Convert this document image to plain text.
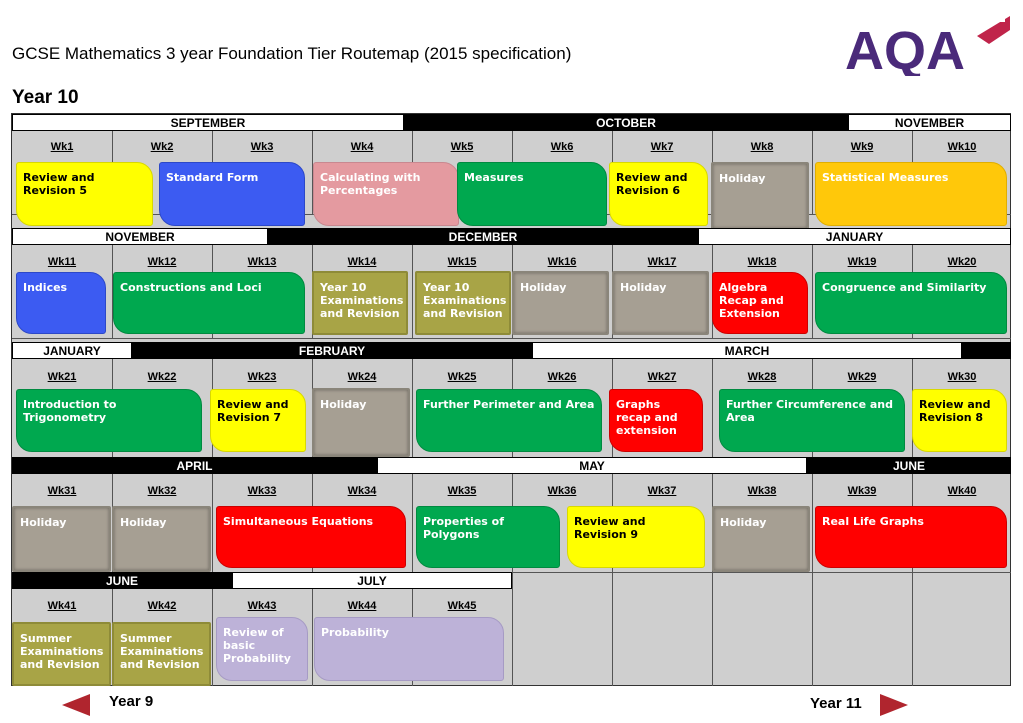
GCSE Mathematics 3 year Foundation Tier Routemap (2015 specification)	AQA
Year 10
SEPTEMBER	OCTOBER	NOVEMBER
Wk1	Wk2	Wk3	Wk4	Wk5	Wk6	Wk7	Wk8	Wk9	Wk10
Review and Revision 5
Standard Form	Calculating with Percentages
Measures	Review and Revision 6
Holiday	Statistical Measures
NOVEMBER	DECEMBER	JANUARY
Wk11	Wk12	Wk13	Wk14	Wk15	Wk16	Wk17	Wk18	Wk19	Wk20
Indices	Constructions and Loci	Year 10 Examinations and Revision
Year 10 Examinations and Revision
Holiday	Holiday	Algebra Recap and Extension
Congruence and Similarity
JANUARY	FEBRUARY	MARCH
Wk21	Wk22	Wk23	Wk24	Wk25	Wk26	Wk27	Wk28	Wk29	Wk30
Introduction to Trigonometry
Review and Revision 7
Holiday	Further Perimeter and Area	Graphs recap and extension
Further Circumference and Area
Review and Revision 8
APRIL	MAY	JUNE
Wk31	Wk32	Wk33	Wk34	Wk35	Wk36	Wk37	Wk38	Wk39	Wk40
Holiday	Holiday	Simultaneous Equations	Properties of Polygons
Review and Revision 9
Holiday	Real Life Graphs
JUNE	JULY
Wk41	Wk42	Wk43	Wk44	Wk45
Summer Examinations and Revision
Summer Examinations and Revision
Review of basic Probability
Probability
Year 9	Year 11
